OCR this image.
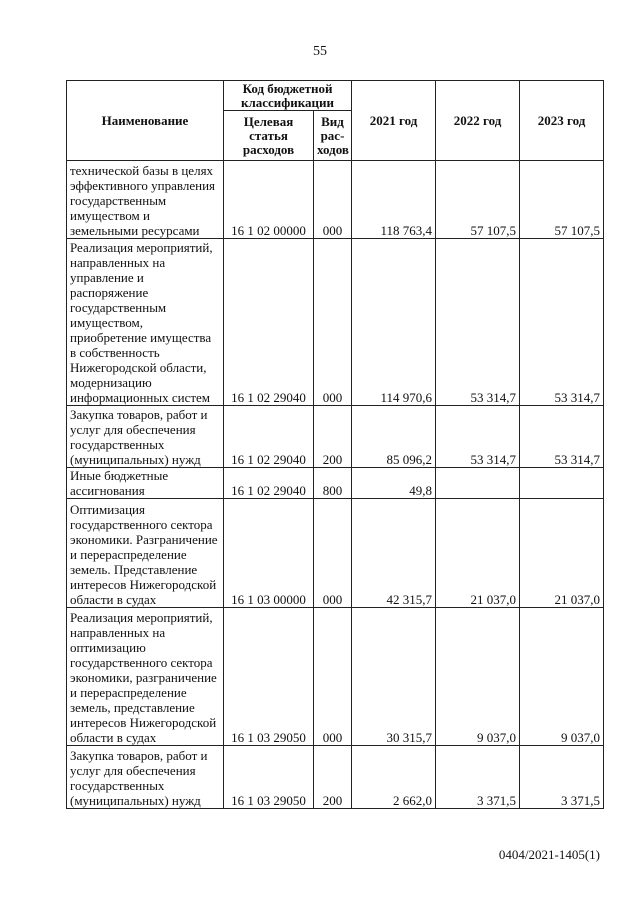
55
Наименование	Код бюджетной классификации		2021 год	2022 год	2023 год
	Целевая статья расходов	Вид рас-ходов			
технической базы в целях эффективного управления государственным имуществом и земельными ресурсами	16 1 02 00000	000	118 763,4	57 107,5	57 107,5
Реализация мероприятий, направленных на управление и распоряжение государственным имуществом, приобретение имущества в собственность Нижегородской области, модернизацию информационных систем	16 1 02 29040	000	114 970,6	53 314,7	53 314,7
Закупка товаров, работ и услуг для обеспечения государственных (муниципальных) нужд	16 1 02 29040	200	85 096,2	53 314,7	53 314,7
Иные бюджетные ассигнования	16 1 02 29040	800	49,8		
Оптимизация государственного сектора экономики. Разграничение и перераспределение земель. Представление интересов Нижегородской области в судах	16 1 03 00000	000	42 315,7	21 037,0	21 037,0
Реализация мероприятий, направленных на оптимизацию государственного сектора экономики, разграничение и перераспределение земель, представление интересов Нижегородской области в судах	16 1 03 29050	000	30 315,7	9 037,0	9 037,0
Закупка товаров, работ и услуг для обеспечения государственных (муниципальных) нужд	16 1 03 29050	200	2 662,0	3 371,5	3 371,5
0404/2021-1405(1)
